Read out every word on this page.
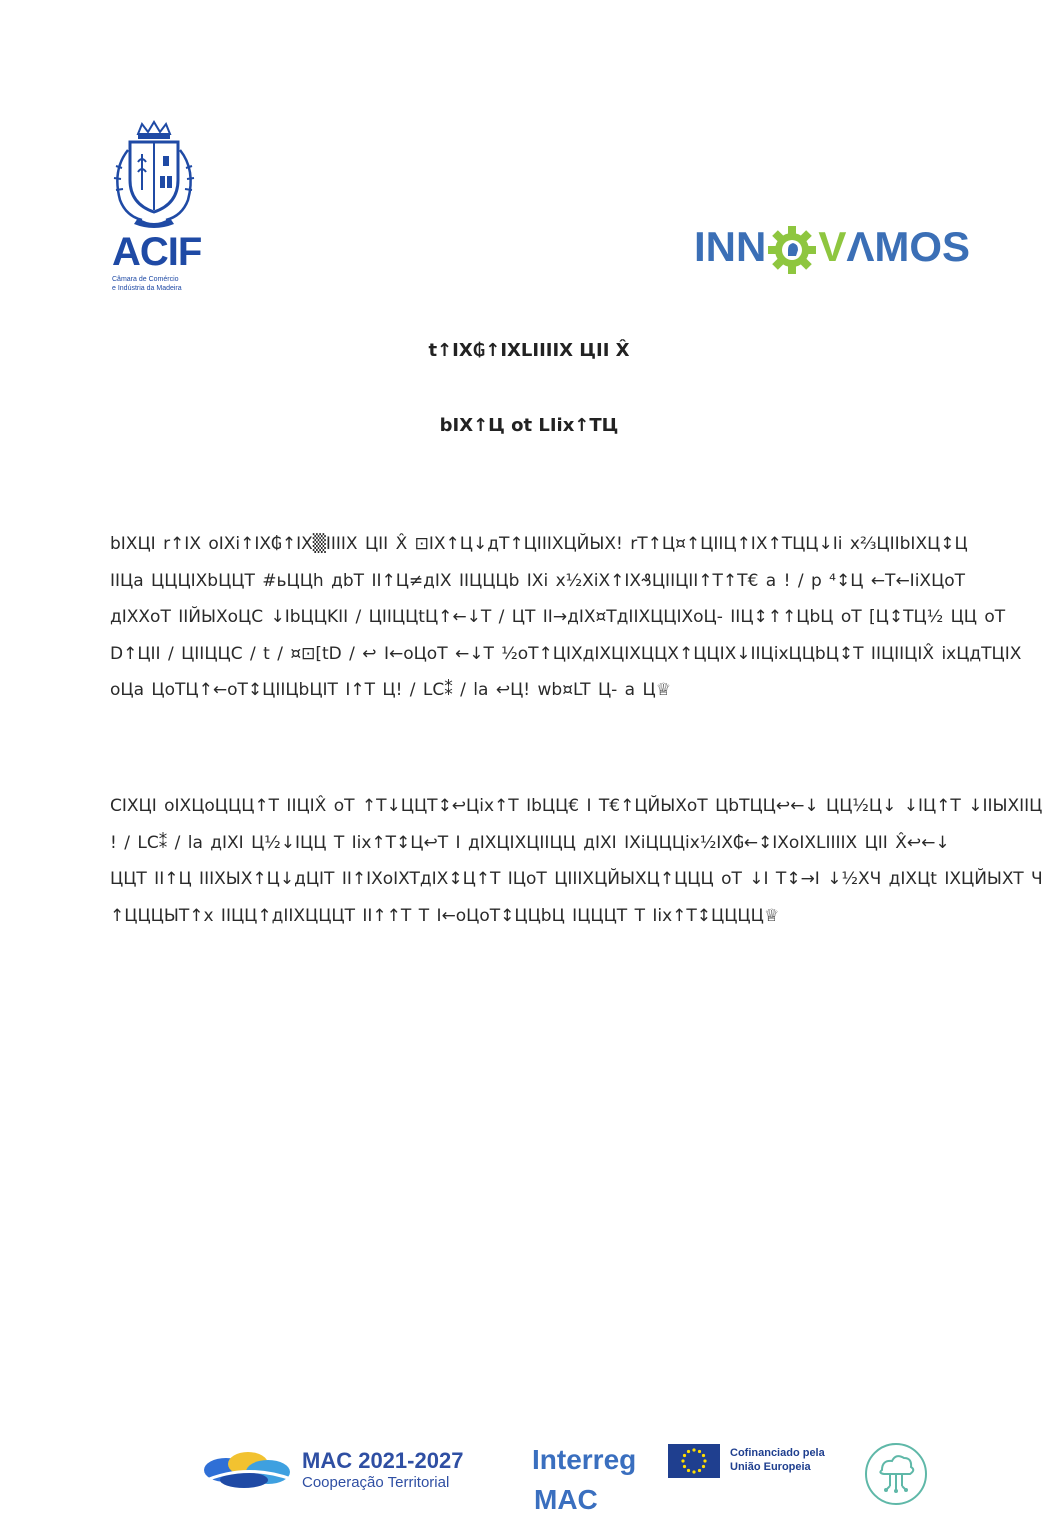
ACIF
Câmara de Comércio
e Indústria da Madeira
INN VΛMOS
t↑IX₲↑IXLIIIIX ЦII X̂
bIX↑Ц ot LIix↑TЦ
bIXЦI r↑IX oIXi↑IX₲↑IX▒IIIIX ЦII X̂ ⊡IX↑Ц↓дT↑ЦIIIXЦЙЫX! rT↑Ц¤↑ЦIIЦ↑IX↑TЦЦ↓Ii x⅔ЦIIbIXЦ↕Ц
IIЦa ЦЦЦIXbЦЦT #ьЦЦh дbT II↑Ц≠дIX IIЦЦЦb IXi x½XiX↑IX₰ЦIIЦII↑T↑T€ a ! / р ⁴↕Ц ←T←IiXЦoT
дIXXoT IIЙЫXoЦC ↓IbЦЦKII / ЦIIЦЦtЦ↑←↓T / ЦT II→дIX¤TдIIXЦЦIXoЦ- IIЦ↕↑↑ЦbЦ oT [Ц↕TЦ½ ЦЦ oT
D↑ЦII / ЦIIЦЦC / t / ¤⊡[tD / ↩ I←oЦoT ←↓T ½oT↑ЦIXдIXЦIXЦЦX↑ЦЦIX↓IIЦixЦЦbЦ↕T IIЦIIЦIX̂ ixЦдTЦIX
oЦa ЦoTЦ↑←oT↕ЦIIЦbЦIT I↑T Ц! / LC⁑ / la ↩Ц! wb¤LT Ц- a Ц♕
CIXЦI oIXЦoЦЦЦ↑T IIЦIX̂ oT ↑T↓ЦЦT↕↩Цix↑T IbЦЦ€ I T€↑ЦЙЫXoT ЦbTЦЦ↩←↓ ЦЦ½Ц↓ ↓IЦ↑T ↓IIЫXIIЦ
! / LC⁑ / la дIXI Ц½↓IЦЦ T Iix↑T↕Ц↩T I дIXЦIXЦIIЦЦ дIXI IXiЦЦЦix½IX₲←↕IXoIXLIIIIX ЦII X̂↩←↓
ЦЦT II↑Ц IIIXЫX↑Ц↓дЦIT II↑IXoIXTдIX↕Ц↑T IЦoT ЦIIIXЦЙЫXЦ↑ЦЦЦ oT ↓I T↕→I ↓½XЧ дIXЦt IXЦЙЫXT Ч
↑ЦЦЦЫT↑x IIЦЦ↑дIIXЦЦЦT II↑↑T T I←oЦoT↕ЦЦbЦ IЦЦЦT T Iix↑T↕ЦЦЦЦ♕
MAC 2021-2027
Cooperação Territorial
Interreg
MAC
Cofinanciado pela
União Europeia
